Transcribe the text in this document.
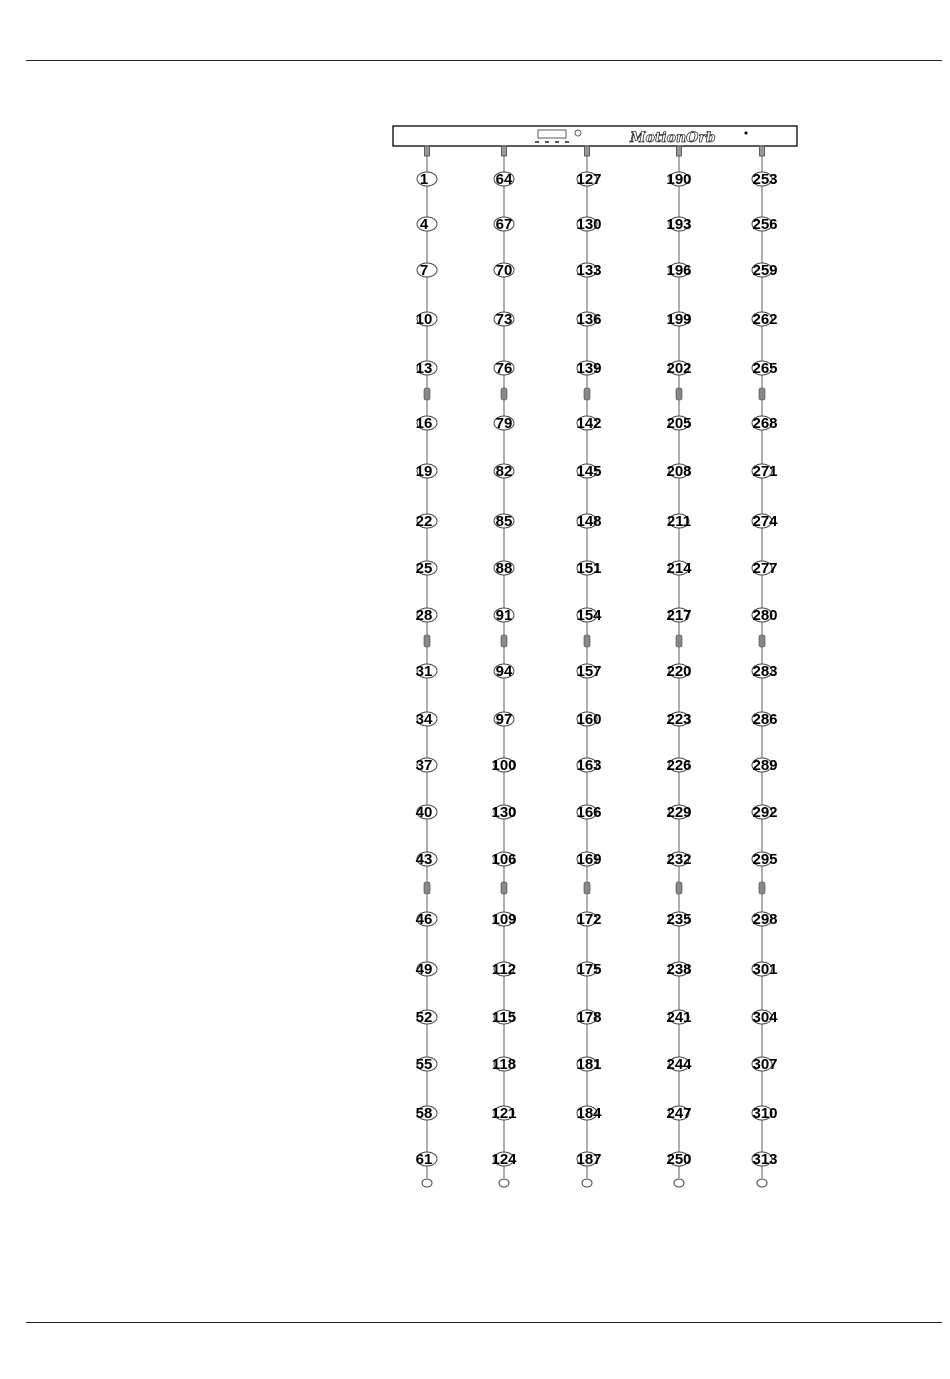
MotionOrb
1
4
7
10
13
16
19
22
25
28
31
34
37
40
43
46
49
52
55
58
61
64
67
70
73
76
79
82
85
88
91
94
97
100
130
106
109
112
115
118
121
124
127
130
133
136
139
142
145
148
151
154
157
160
163
166
169
172
175
178
181
184
187
190
193
196
199
202
205
208
211
214
217
220
223
226
229
232
235
238
241
244
247
250
253
256
259
262
265
268
271
274
277
280
283
286
289
292
295
298
301
304
307
310
313
